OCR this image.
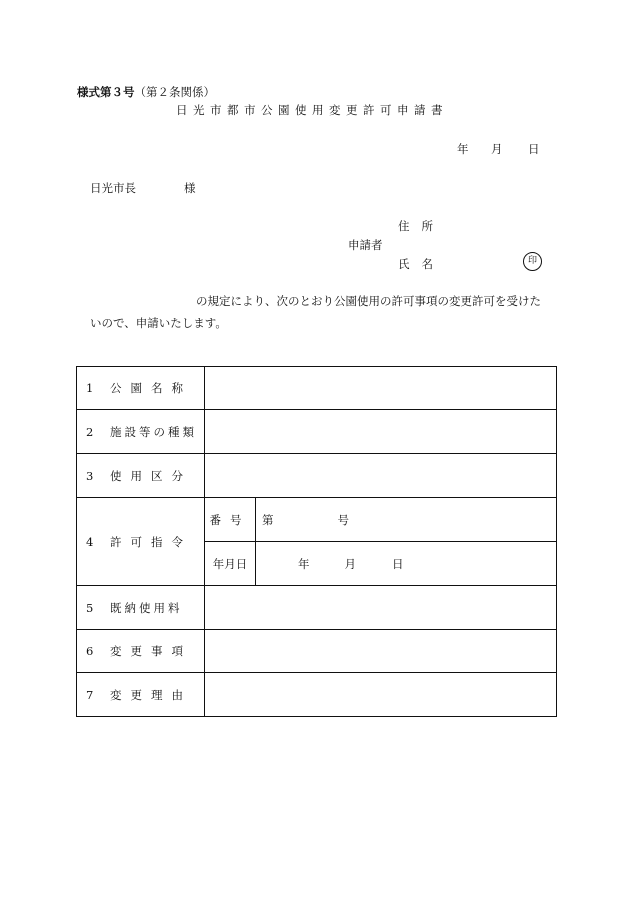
様式第３号（第２条関係）
日光市都市公園使用変更許可申請書
年 月 日
日光市長	様
住所
申請者
氏名	印
の規定により、次のとおり公園使用の許可事項の変更許可を受けた
いので、申請いたします。
1 公園名称		
2 施設等の種類		
3 使用区分		
4 許可指令	番号	第 号
	年月日	年 月 日
5 既納使用料		
6 変更事項		
7 変更理由		
